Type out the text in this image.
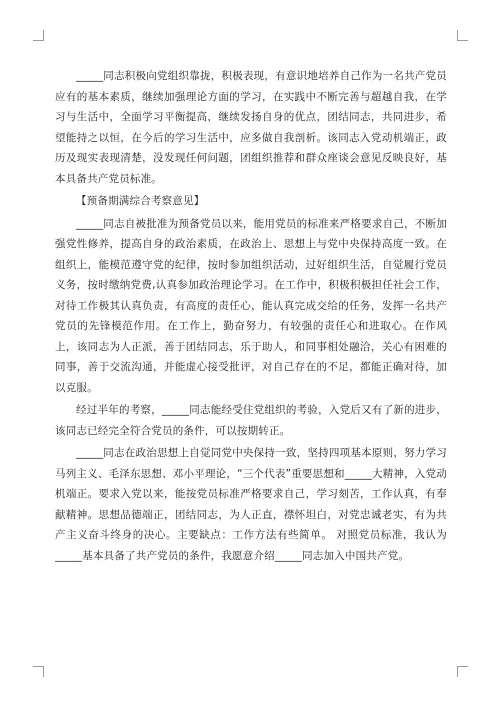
_____同志积极向党组织靠拢，积极表现，有意识地培养自己作为一名共产党员应有的基本素质，继续加强理论方面的学习，在实践中不断完善与超越自我，在学习与生活中，全面学习平衡提高，继续发扬自身的优点，团结同志，共同进步，希望能持之以恒，在今后的学习生活中，应多做自我剖析。该同志入党动机端正，政历及现实表现清楚，没发现任何问题，团组织推荐和群众座谈会意见反映良好，基本具备共产党员标准。

【预备期满综合考察意见】

_____同志自被批准为预备党员以来，能用党员的标准来严格要求自己，不断加强党性修养，提高自身的政治素质，在政治上、思想上与党中央保持高度一致。在组织上，能模范遵守党的纪律，按时参加组织活动，过好组织生活，自觉履行党员义务，按时缴纳党费,认真参加政治理论学习。在工作中，积极积极担任社会工作，对待工作极其认真负责，有高度的责任心，能认真完成交给的任务，发挥一名共产党员的先锋模范作用。在工作上，勤奋努力，有较强的责任心和进取心。在作风上，该同志为人正派，善于团结同志，乐于助人，和同事相处融洽，关心有困难的同事，善于交流沟通，并能虚心接受批评，对自己存在的不足，都能正确对待，加以克服。

经过半年的考察，_____同志能经受住党组织的考验，入党后又有了新的进步，该同志已经完全符合党员的条件，可以按期转正。

_____同志在政治思想上自觉同党中央保持一致，坚持四项基本原则，努力学习马列主义、毛泽东思想、邓小平理论，“三个代表”重要思想和_____大精神，入党动机端正。要求入党以来，能按党员标准严格要求自己，学习刻苦，工作认真，有奉献精神。思想品德端正，团结同志，为人正直，襟怀坦白，对党忠诚老实，有为共产主义奋斗终身的决心。主要缺点：工作方法有些简单。 对照党员标准，我认为_____基本具备了共产党员的条件，我愿意介绍_____同志加入中国共产党。
